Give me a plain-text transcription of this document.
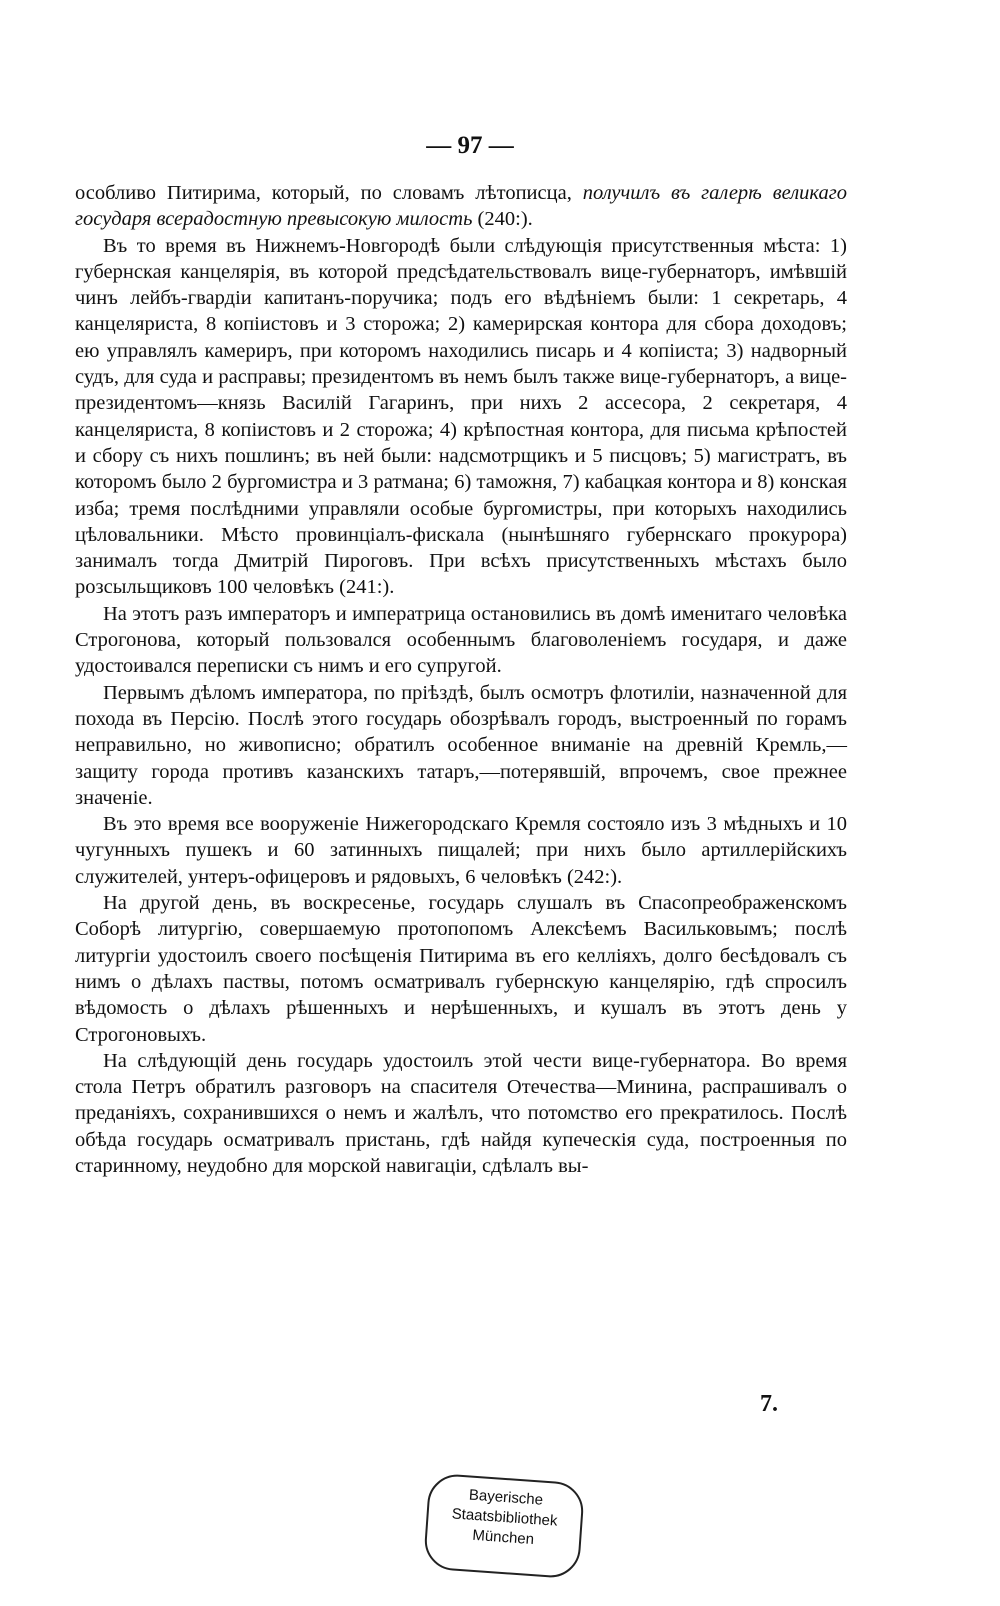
— 97 —

особливо Питирима, который, по словамъ лѣтописца, получилъ въ галерѣ великаго государя всерадостную превысокую милость (240:).

Въ то время въ Нижнемъ-Новгородѣ были слѣдующія присутственныя мѣста: 1) губернская канцелярія, въ которой предсѣдательствовалъ вице-губернаторъ, имѣвшій чинъ лейбъ-гвардіи капитанъ-поручика; подъ его вѣдѣніемъ были: 1 секретарь, 4 канцеляриста, 8 копіистовъ и 3 сторожа; 2) камерирская контора для сбора доходовъ; ею управлялъ камериръ, при которомъ находились писарь и 4 копіиста; 3) надворный судъ, для суда и расправы; президентомъ въ немъ былъ также вице-губернаторъ, а вице-президентомъ—князь Василій Гагаринъ, при нихъ 2 ассесора, 2 секретаря, 4 канцеляриста, 8 копіистовъ и 2 сторожа; 4) крѣпостная контора, для письма крѣпостей и сбору съ нихъ пошлинъ; въ ней были: надсмотрщикъ и 5 писцовъ; 5) магистратъ, въ которомъ было 2 бургомистра и 3 ратмана; 6) таможня, 7) кабацкая контора и 8) конская изба; тремя послѣдними управляли особые бургомистры, при которыхъ находились цѣловальники. Мѣсто провинціалъ-фискала (нынѣшняго губернскаго прокурора) занималъ тогда Дмитрій Пироговъ. При всѣхъ присутственныхъ мѣстахъ было розсыльщиковъ 100 человѣкъ (241:).

На этотъ разъ императоръ и императрица остановились въ домѣ именитаго человѣка Строгонова, который пользовался особеннымъ благоволеніемъ государя, и даже удостоивался переписки съ нимъ и его супругой.

Первымъ дѣломъ императора, по пріѣздѣ, былъ осмотръ флотиліи, назначенной для похода въ Персію. Послѣ этого государь обозрѣвалъ городъ, выстроенный по горамъ неправильно, но живописно; обратилъ особенное вниманіе на древній Кремль,—защиту города противъ казанскихъ татаръ,—потерявшій, впрочемъ, свое прежнее значеніе.

Въ это время все вооруженіе Нижегородскаго Кремля состояло изъ 3 мѣдныхъ и 10 чугунныхъ пушекъ и 60 затинныхъ пищалей; при нихъ было артиллерійскихъ служителей, унтеръ-офицеровъ и рядовыхъ, 6 человѣкъ (242:).

На другой день, въ воскресенье, государь слушалъ въ Спасопреображенскомъ Соборѣ литургію, совершаемую протопопомъ Алексѣемъ Васильковымъ; послѣ литургіи удостоилъ своего посѣщенія Питирима въ его келліяхъ, долго бесѣдовалъ съ нимъ о дѣлахъ паствы, потомъ осматривалъ губернскую канцелярію, гдѣ спросилъ вѣдомость о дѣлахъ рѣшенныхъ и нерѣшенныхъ, и кушалъ въ этотъ день у Строгоновыхъ.

На слѣдующій день государь удостоилъ этой чести вице-губернатора. Во время стола Петръ обратилъ разговоръ на спасителя Отечества—Минина, распрашивалъ о преданіяхъ, сохранившихся о немъ и жалѣлъ, что потомство его прекратилось. Послѣ обѣда государь осматривалъ пристань, гдѣ найдя купеческія суда, построенныя по старинному, неудобно для морской навигаціи, сдѣлалъ вы-

7.
Bayerische
Staatsbibliothek
München
